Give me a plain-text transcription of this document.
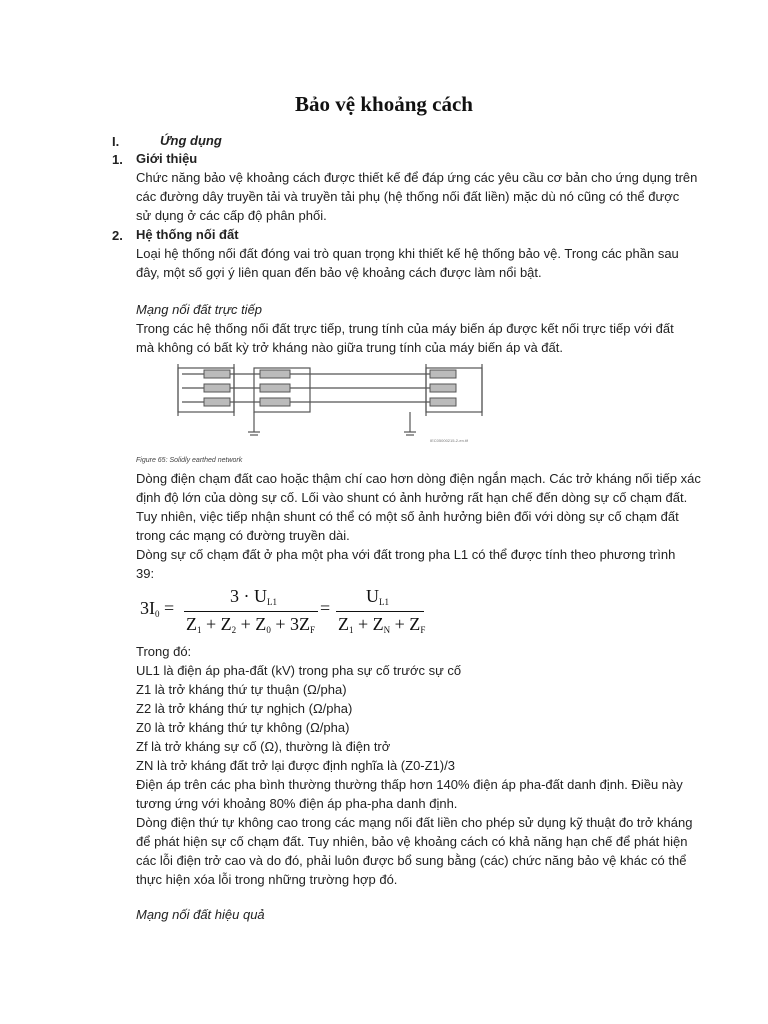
Bảo vệ khoảng cách
I.	Ứng dụng
1. Giới thiệu
Chức năng bảo vệ khoảng cách được thiết kế để đáp ứng các yêu cầu cơ bản cho ứng dụng trên
các đường dây truyền tải và truyền tải phụ (hệ thống nối đất liền) mặc dù nó cũng có thể được
sử dụng ở các cấp độ phân phối.
2. Hệ thống nối đất
Loại hệ thống nối đất đóng vai trò quan trọng khi thiết kế hệ thống bảo vệ. Trong các phần sau
đây, một số gợi ý liên quan đến bảo vệ khoảng cách được làm nổi bật.
Mạng nối đất trực tiếp
Trong các hệ thống nối đất trực tiếp, trung tính của máy biến áp được kết nối trực tiếp với đất
mà không có bất kỳ trở kháng nào giữa trung tính của máy biến áp và đất.
IEC05000215-2-en.tif
Figure 65: Solidly earthed network
Dòng điện chạm đất cao hoặc thậm chí cao hơn dòng điện ngắn mạch. Các trở kháng nối tiếp xác
định độ lớn của dòng sự cố. Lối vào shunt có ảnh hưởng rất hạn chế đến dòng sự cố chạm đất.
Tuy nhiên, việc tiếp nhận shunt có thể có một số ảnh hưởng biên đối với dòng sự cố chạm đất
trong các mạng có đường truyền dài.
Dòng sự cố chạm đất ở pha một pha với đất trong pha L1 có thể được tính theo phương trình
39:
$3I_0$ =
$3 \cdot U_{L1}$
$Z_1 + Z_2 + Z_0 + 3Z_F$
=
$U_{L1}$
$Z_1 + Z_N + Z_F$
Trong đó:
UL1 là điện áp pha-đất (kV) trong pha sự cố trước sự cố
Z1 là trở kháng thứ tự thuận (Ω/pha)
Z2 là trở kháng thứ tự nghịch (Ω/pha)
Z0 là trở kháng thứ tự không (Ω/pha)
Zf là trở kháng sự cố (Ω), thường là điện trở
ZN là trở kháng đất trở lại được định nghĩa là (Z0-Z1)/3
Điện áp trên các pha bình thường thường thấp hơn 140% điện áp pha-đất danh định. Điều này
tương ứng với khoảng 80% điện áp pha-pha danh định.
Dòng điện thứ tự không cao trong các mạng nối đất liền cho phép sử dụng kỹ thuật đo trở kháng
để phát hiện sự cố chạm đất. Tuy nhiên, bảo vệ khoảng cách có khả năng hạn chế để phát hiện
các lỗi điện trở cao và do đó, phải luôn được bổ sung bằng (các) chức năng bảo vệ khác có thể
thực hiện xóa lỗi trong những trường hợp đó.
Mạng nối đất hiệu quả
